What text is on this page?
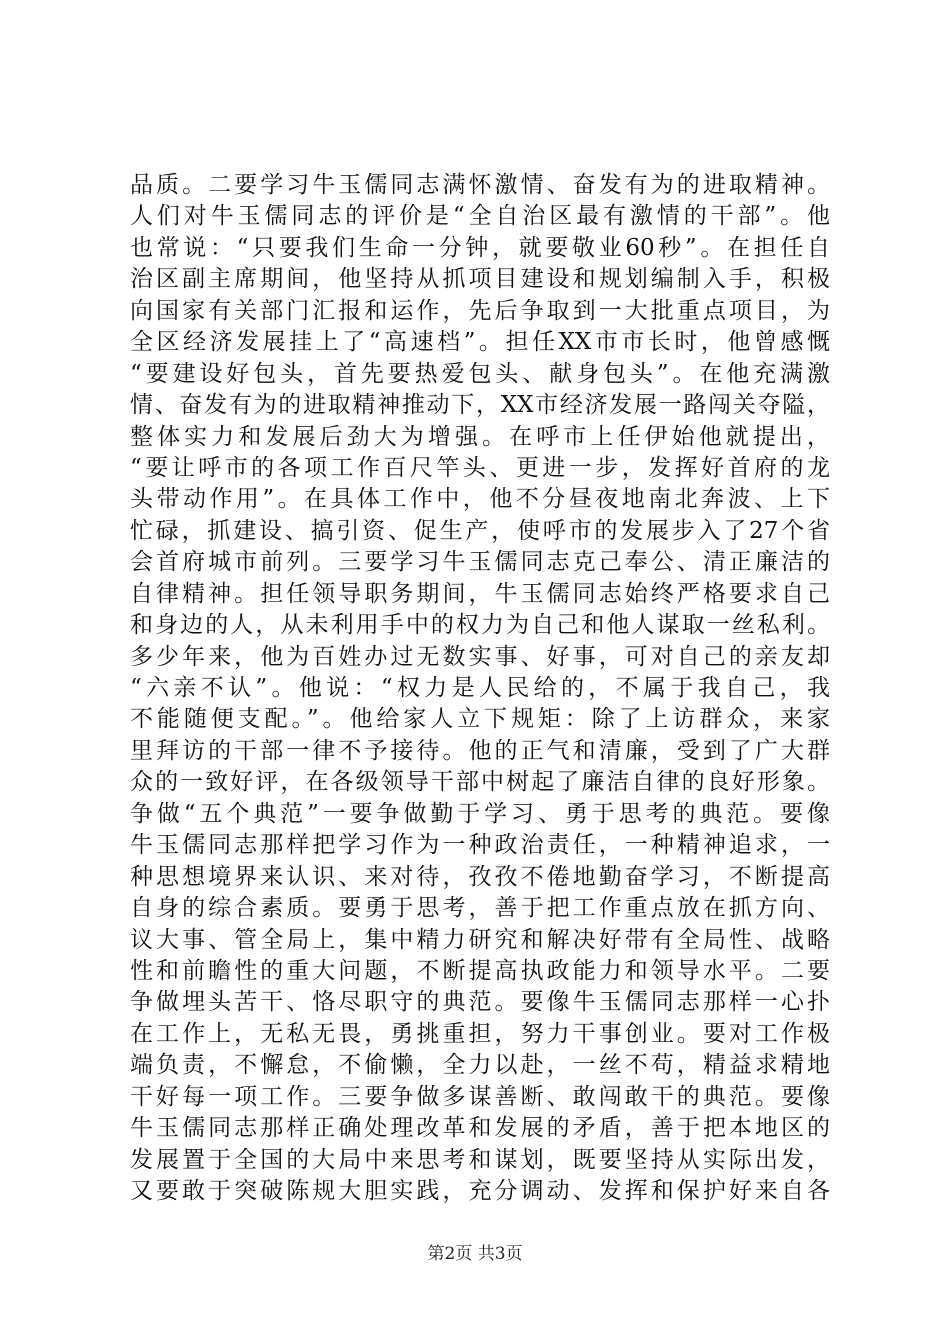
品质。二要学习牛玉儒同志满怀激情、奋发有为的进取精神。
人们对牛玉儒同志的评价是“全自治区最有激情的干部”。他
也常说：“只要我们生命一分钟，就要敬业60秒”。在担任自
治区副主席期间，他坚持从抓项目建设和规划编制入手，积极
向国家有关部门汇报和运作，先后争取到一大批重点项目，为
全区经济发展挂上了“高速档”。担任XX市市长时，他曾感慨
“要建设好包头，首先要热爱包头、献身包头”。在他充满激
情、奋发有为的进取精神推动下，XX市经济发展一路闯关夺隘，
整体实力和发展后劲大为增强。在呼市上任伊始他就提出，
“要让呼市的各项工作百尺竿头、更进一步，发挥好首府的龙
头带动作用”。在具体工作中，他不分昼夜地南北奔波、上下
忙碌，抓建设、搞引资、促生产，使呼市的发展步入了27个省
会首府城市前列。三要学习牛玉儒同志克己奉公、清正廉洁的
自律精神。担任领导职务期间，牛玉儒同志始终严格要求自己
和身边的人，从未利用手中的权力为自己和他人谋取一丝私利。
多少年来，他为百姓办过无数实事、好事，可对自己的亲友却
“六亲不认”。他说：“权力是人民给的，不属于我自己，我
不能随便支配。”。他给家人立下规矩：除了上访群众，来家
里拜访的干部一律不予接待。他的正气和清廉，受到了广大群
众的一致好评，在各级领导干部中树起了廉洁自律的良好形象。
争做“五个典范”一要争做勤于学习、勇于思考的典范。要像
牛玉儒同志那样把学习作为一种政治责任，一种精神追求，一
种思想境界来认识、来对待，孜孜不倦地勤奋学习，不断提高
自身的综合素质。要勇于思考，善于把工作重点放在抓方向、
议大事、管全局上，集中精力研究和解决好带有全局性、战略
性和前瞻性的重大问题，不断提高执政能力和领导水平。二要
争做埋头苦干、恪尽职守的典范。要像牛玉儒同志那样一心扑
在工作上，无私无畏，勇挑重担，努力干事创业。要对工作极
端负责，不懈怠，不偷懒，全力以赴，一丝不苟，精益求精地
干好每一项工作。三要争做多谋善断、敢闯敢干的典范。要像
牛玉儒同志那样正确处理改革和发展的矛盾，善于把本地区的
发展置于全国的大局中来思考和谋划，既要坚持从实际出发，
又要敢于突破陈规大胆实践，充分调动、发挥和保护好来自各
第2页 共3页
